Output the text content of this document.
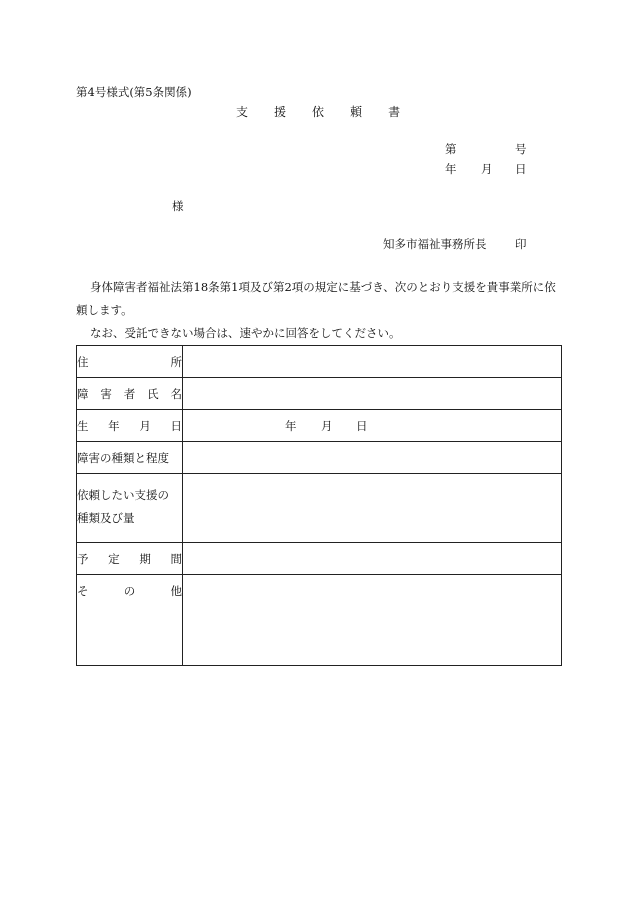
第4号様式(第5条関係)
支 援 依 頼 書
第	号
年 月 日
様
知多市福祉事務所長 印

身体障害者福祉法第18条第1項及び第2項の規定に基づき、次のとおり支援を貴事業所に依頼します。

なお、受託できない場合は、速やかに回答をしてください。

住 所	

障 害 者 氏 名	

生 年 月 日	年 月 日

障害の種類と程度	

依頼したい支援の
種類及び量	

予 定 期 間	

そ の 他	
